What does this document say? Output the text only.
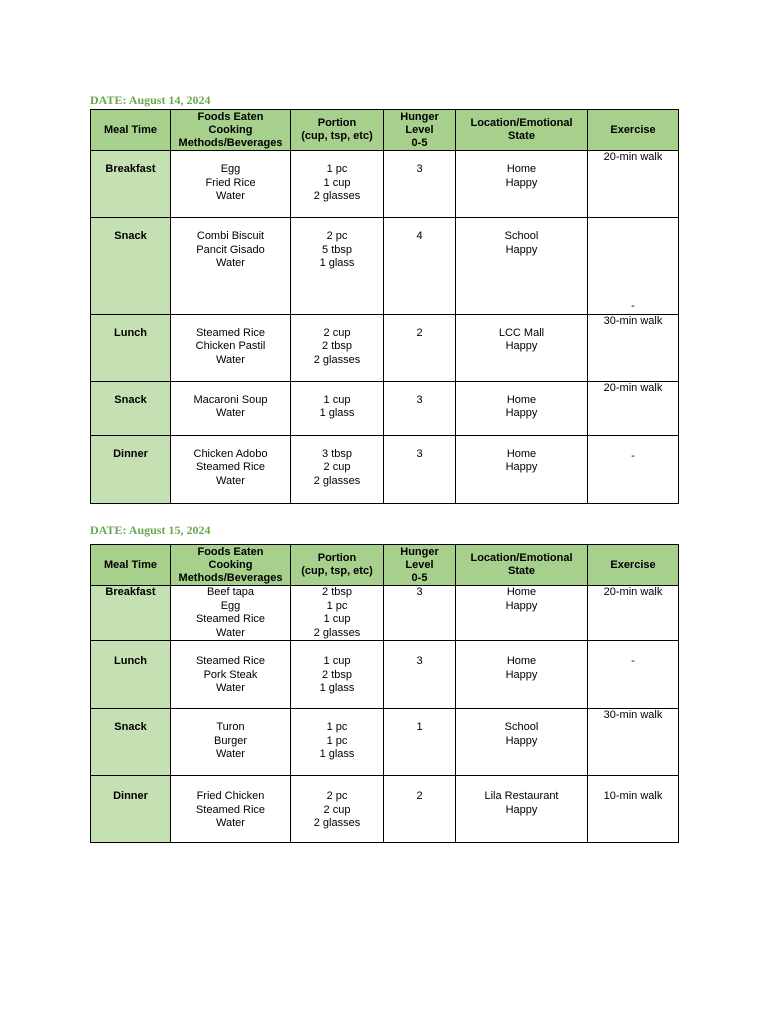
DATE: August 14, 2024
Meal Time	Foods Eaten
Cooking
Methods/Beverages	Portion
(cup, tsp, etc)	Hunger
Level
0-5	Location/Emotional
State	Exercise

Breakfast	Egg
Fried Rice
Water	1 pc
1 cup
2 glasses	3	Home
Happy	20-min walk

Snack	Combi Biscuit
Pancit Gisado
Water	2 pc
5 tbsp
1 glass	4	School
Happy	-

Lunch	Steamed Rice
Chicken Pastil
Water	2 cup
2 tbsp
2 glasses	2	LCC Mall
Happy	30-min walk

Snack	Macaroni Soup
Water	1 cup
1 glass	3	Home
Happy	20-min walk

Dinner	Chicken Adobo
Steamed Rice
Water	3 tbsp
2 cup
2 glasses	3	Home
Happy	-
DATE: August 15, 2024
Meal Time	Foods Eaten
Cooking
Methods/Beverages	Portion
(cup, tsp, etc)	Hunger
Level
0-5	Location/Emotional
State	Exercise

Breakfast	Beef tapa
Egg
Steamed Rice
Water	2 tbsp
1 pc
1 cup
2 glasses	3	Home
Happy	20-min walk

Lunch	Steamed Rice
Pork Steak
Water	1 cup
2 tbsp
1 glass	3	Home
Happy	-

Snack	Turon
Burger
Water	1 pc
1 pc
1 glass	1	School
Happy	30-min walk

Dinner	Fried Chicken
Steamed Rice
Water	2 pc
2 cup
2 glasses	2	Lila Restaurant
Happy	10-min walk
